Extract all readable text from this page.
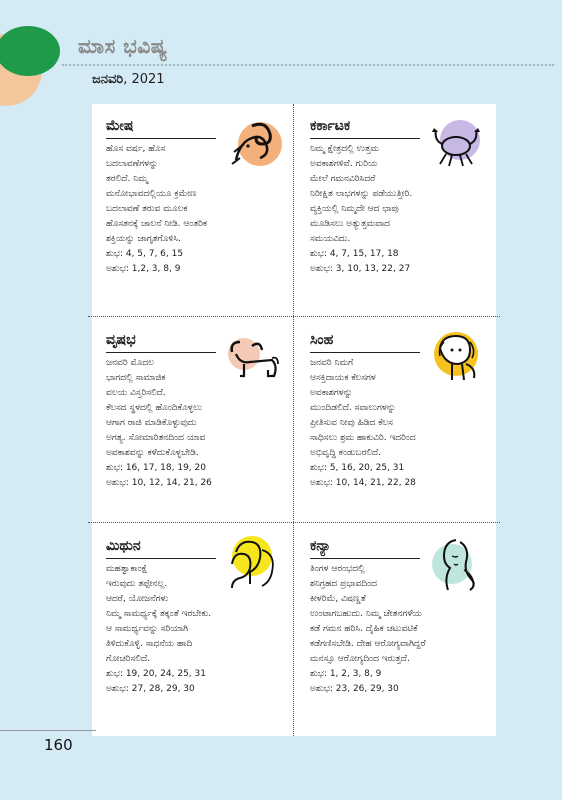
ಮಾಸ ಭವಿಷ್ಯ
ಜನವರಿ, 2021
ಮೇಷ
ಹೊಸ ವರ್ಷ, ಹೊಸ
ಬದಲಾವಣೆಗಳನ್ನು
ತರಲಿದೆ. ನಿಮ್ಮ
ಮನೋಭಾವದಲ್ಲಿಯೂ ಕ್ರಮೇಣ
ಬದಲಾವಣೆ ತರುವ ಮೂಲಕ
ಹೊಸತನಕ್ಕೆ ಚಾಲನೆ ನೀಡಿ. ಆಂತರಿಕ
ಶಕ್ತಿಯನ್ನು ಜಾಗೃತಗೊಳಿಸಿ.
ಶುಭ: 4, 5, 7, 6, 15
ಅಶುಭ: 1,2, 3, 8, 9
ಕರ್ಕಾಟಕ
ನಿಮ್ಮ ಕ್ಷೇತ್ರದಲ್ಲಿ ಉತ್ತಮ
ಅವಕಾಶಗಳಿವೆ. ಗುರಿಯ
ಮೇಲೆ ಗಮನವಿರಿಸಿದರೆ
ನಿರೀಕ್ಷಿತ ಲಾಭಗಳನ್ನು ಪಡೆಯುತ್ತೀರಿ.
ವ್ಯಕ್ತಿಯಲ್ಲಿ ನಿಮ್ಮದೇ ಆದ ಛಾಪು
ಮೂಡಿಸಲು ಅತ್ಯುತ್ತಮವಾದ
ಸಮಯವಿದು.
ಶುಭ: 4, 7, 15, 17, 18
ಅಶುಭ: 3, 10, 13, 22, 27
ವೃಷಭ
ಜನವರಿ ಮೊದಲ
ಭಾಗದಲ್ಲಿ ಸಾಮಾಜಿಕ
ವಲಯ ವಿಸ್ತರಿಸಲಿದೆ.
ಕೆಲಸದ ಸ್ಥಳದಲ್ಲಿ ಹೊಂದಿಕೊಳ್ಳಲು
ಆಗಾಗ ರಾಜಿ ಮಾಡಿಕೊಳ್ಳುವುದು
ಅಗತ್ಯ. ಸೋಮಾರಿತನದಿಂದ ಯಾವ
ಅವಕಾಶವನ್ನು ಕಳೆದುಕೊಳ್ಳಬೇಡಿ.
ಶುಭ: 16, 17, 18, 19, 20
ಅಶುಭ: 10, 12, 14, 21, 26
ಸಿಂಹ
ಜನವರಿ ನಿಮಗೆ
ಆಸಕ್ತಿದಾಯಕ ಕೆಲಸಗಳ
ಅವಕಾಶಗಳನ್ನು
ಮುಂದಿಡಲಿದೆ. ಸವಾಲುಗಳನ್ನು
ಪ್ರೀತಿಸುವ ನೀವು ಹಿಡಿದ ಕೆಲಸ
ಸಾಧಿಸಲು ಶ್ರಮ ಹಾಕುವಿರಿ. ಇದರಿಂದ
ಅಭಿವೃದ್ಧಿ ಕಂಡುಬರಲಿದೆ.
ಶುಭ: 5, 16, 20, 25, 31
ಅಶುಭ: 10, 14, 21, 22, 28
ಮಿಥುನ
ಮಹತ್ವಾಕಾಂಕ್ಷೆ
ಇರುವುದು ತಪ್ಪೇನಲ್ಲ.
ಆದರೆ, ಯೋಜನೆಗಳು
ನಿಮ್ಮ ಸಾಮರ್ಥ್ಯಕ್ಕೆ ತಕ್ಕಂತೆ ಇರಬೇಕು.
ಆ ಸಾಮರ್ಥ್ಯವನ್ನು ಸರಿಯಾಗಿ
ತಿಳಿದುಕೊಳ್ಳಿ. ಸಾಧನೆಯ ಹಾದಿ
ಗೋಚರಿಸಲಿದೆ.
ಶುಭ: 19, 20, 24, 25, 31
ಅಶುಭ: 27, 28, 29, 30
ಕನ್ಯಾ
ತಿಂಗಳ ಆರಂಭದಲ್ಲಿ
ಶನಿಗ್ರಹದ ಪ್ರಭಾವದಿಂದ
ಕೀಳರಿಮೆ, ವಿಷಣ್ಣತೆ
ಉಂಟಾಗಬಹುದು. ನಿಮ್ಮ ಚೇತನಗಳೆಯ
ಕಡೆ ಗಮನ ಹರಿಸಿ. ದೈಹಿಕ ಚಟುವಟಿಕೆ
ಕಡೆಗಣಿಸಬೇಡಿ. ದೇಹ ಆರೋಗ್ಯವಾಗಿದ್ದರೆ
ಮನಸ್ಸೂ ಆರೋಗ್ಯದಿಂದ ಇರುತ್ತದೆ.
ಶುಭ: 1, 2, 3, 8, 9
ಅಶುಭ: 23, 26, 29, 30
160
